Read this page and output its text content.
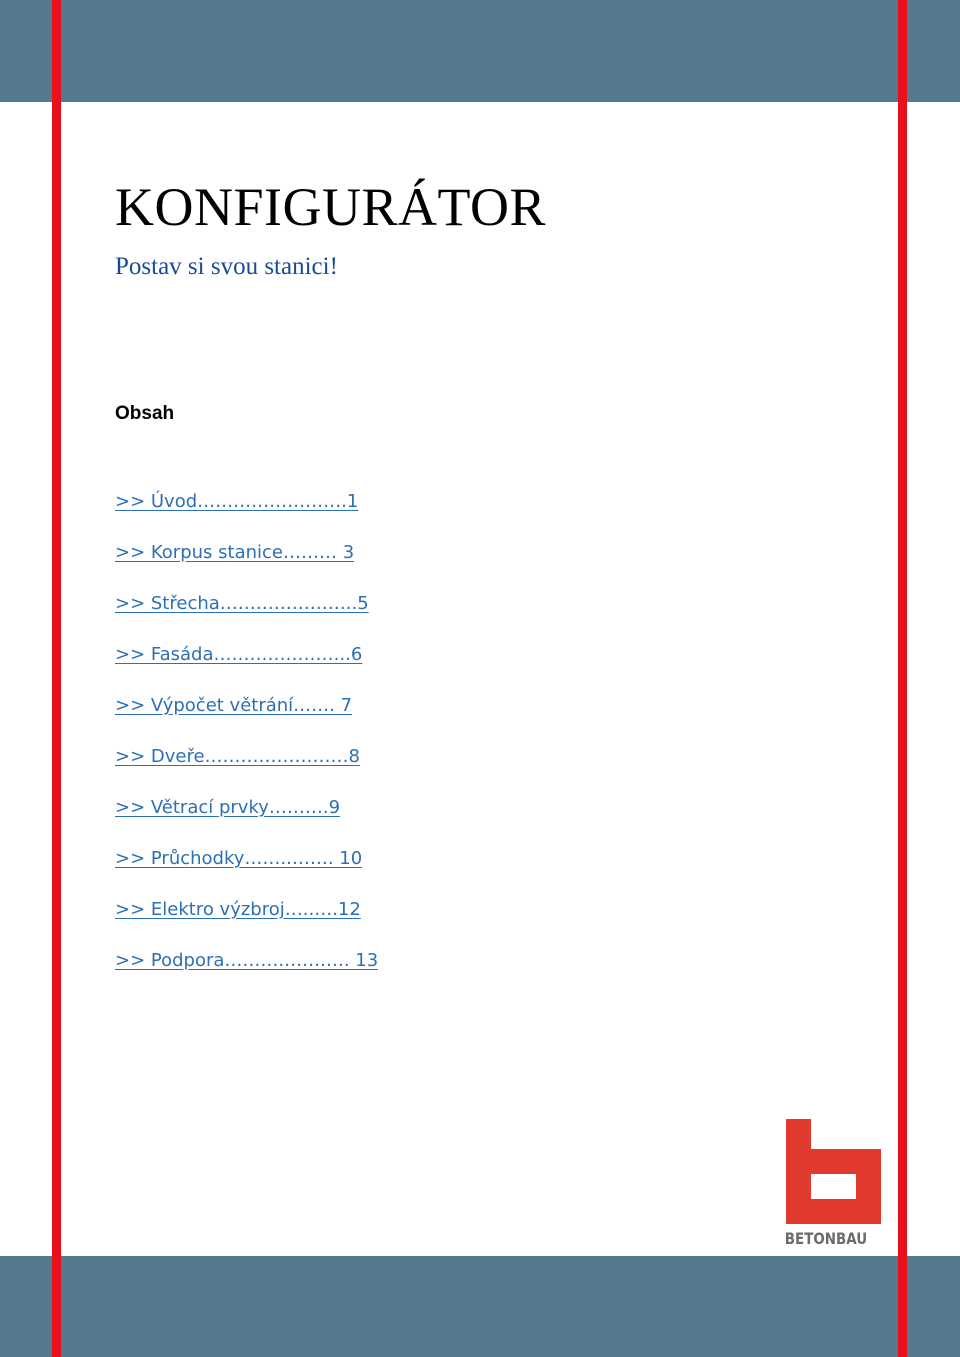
KONFIGURÁTOR

Postav si svou stanici!

Obsah
>> Úvod…………………….1
>> Korpus stanice……… 3
>> Střecha…………………..5
>> Fasáda…………………..6
>> Výpočet větrání……. 7
>> Dveře……………………8
>> Větrací prvky……….9
>> Průchodky……..……. 10
>> Elektro výzbroj…..….12
>> Podpora……….…….…. 13
BETONBAU
